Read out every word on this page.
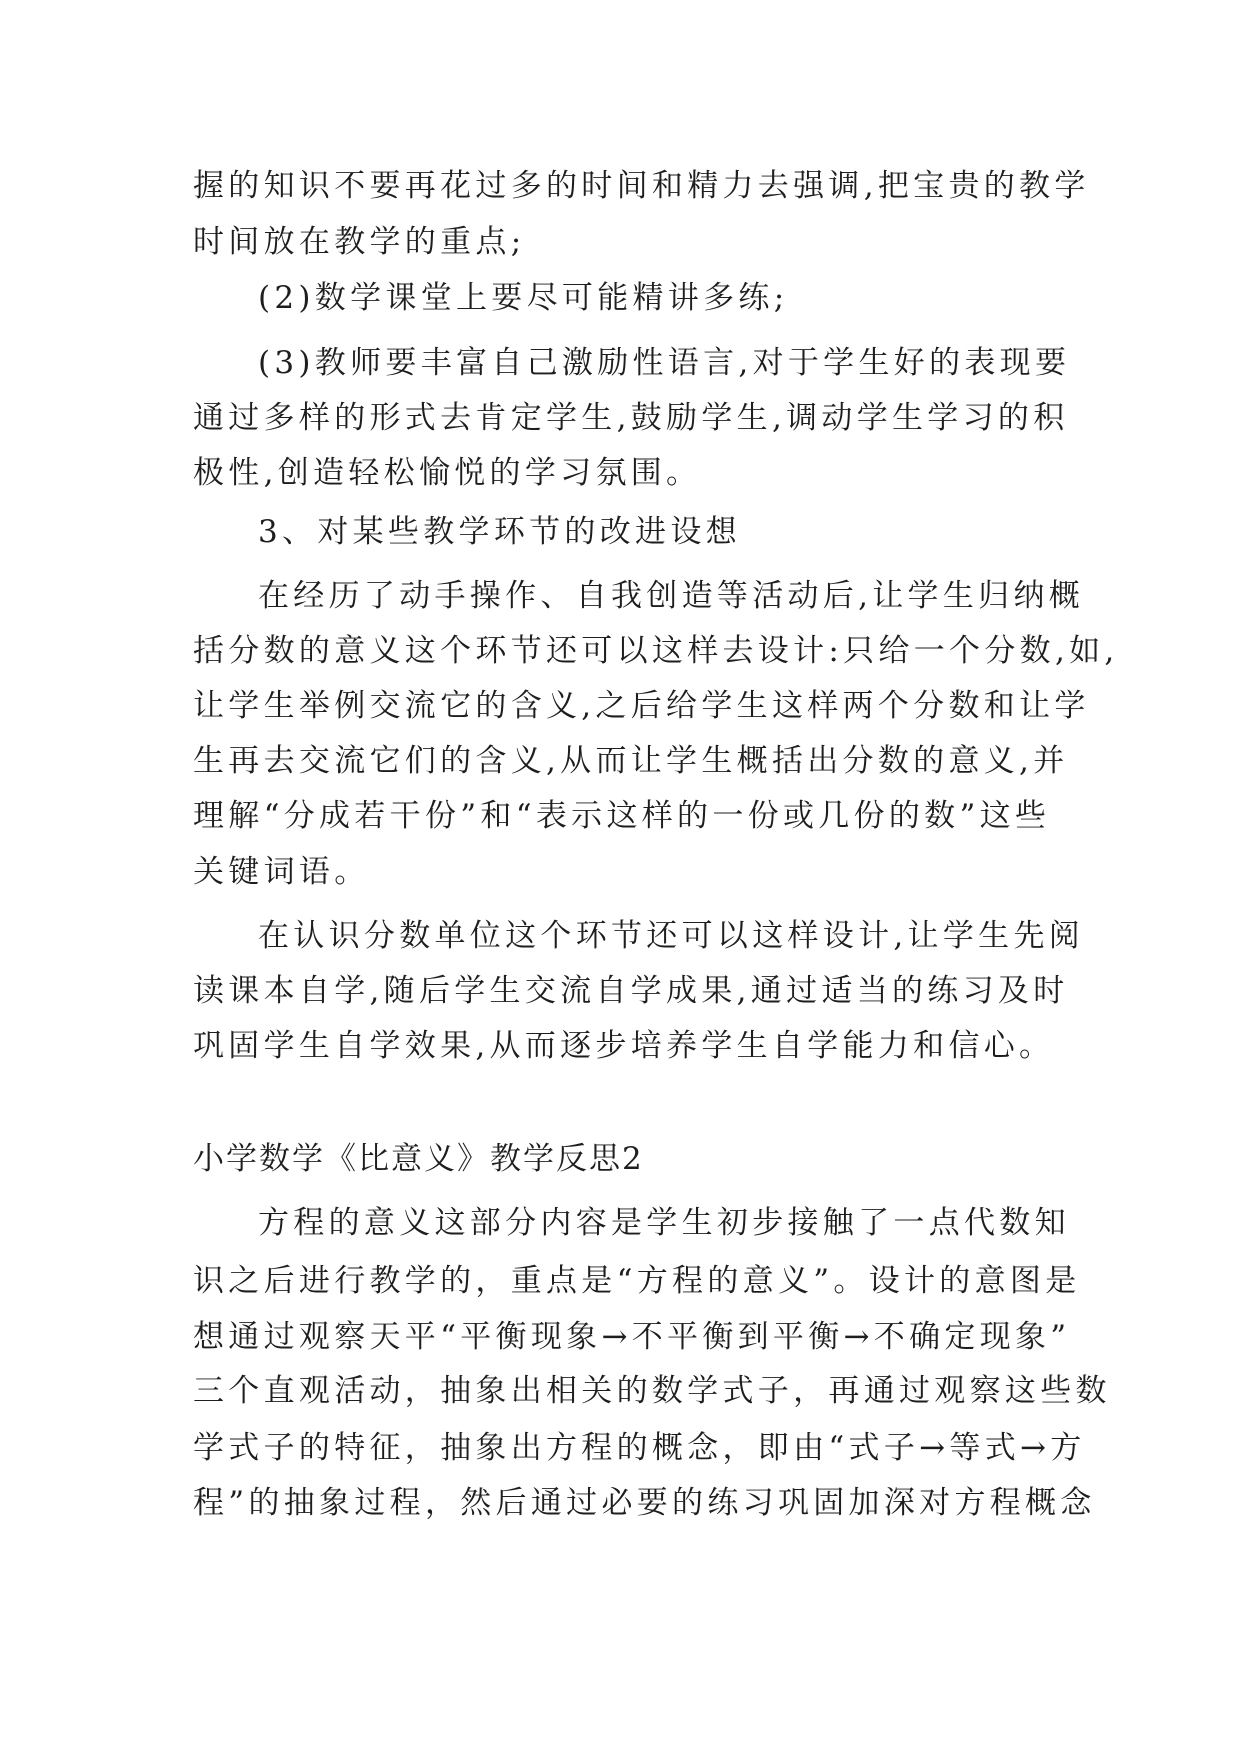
握的知识不要再花过多的时间和精力去强调,把宝贵的教学
时间放在教学的重点;
(2)数学课堂上要尽可能精讲多练;
(3)教师要丰富自己激励性语言,对于学生好的表现要
通过多样的形式去肯定学生,鼓励学生,调动学生学习的积
极性,创造轻松愉悦的学习氛围。
3、对某些教学环节的改进设想
在经历了动手操作、自我创造等活动后,让学生归纳概
括分数的意义这个环节还可以这样去设计:只给一个分数,如,
让学生举例交流它的含义,之后给学生这样两个分数和让学
生再去交流它们的含义,从而让学生概括出分数的意义,并
理解“分成若干份”和“表示这样的一份或几份的数”这些
关键词语。
在认识分数单位这个环节还可以这样设计,让学生先阅
读课本自学,随后学生交流自学成果,通过适当的练习及时
巩固学生自学效果,从而逐步培养学生自学能力和信心。
小学数学《比意义》教学反思2
方程的意义这部分内容是学生初步接触了一点代数知
识之后进行教学的，重点是“方程的意义”。设计的意图是
想通过观察天平“平衡现象→不平衡到平衡→不确定现象”
三个直观活动，抽象出相关的数学式子，再通过观察这些数
学式子的特征，抽象出方程的概念，即由“式子→等式→方
程”的抽象过程，然后通过必要的练习巩固加深对方程概念
